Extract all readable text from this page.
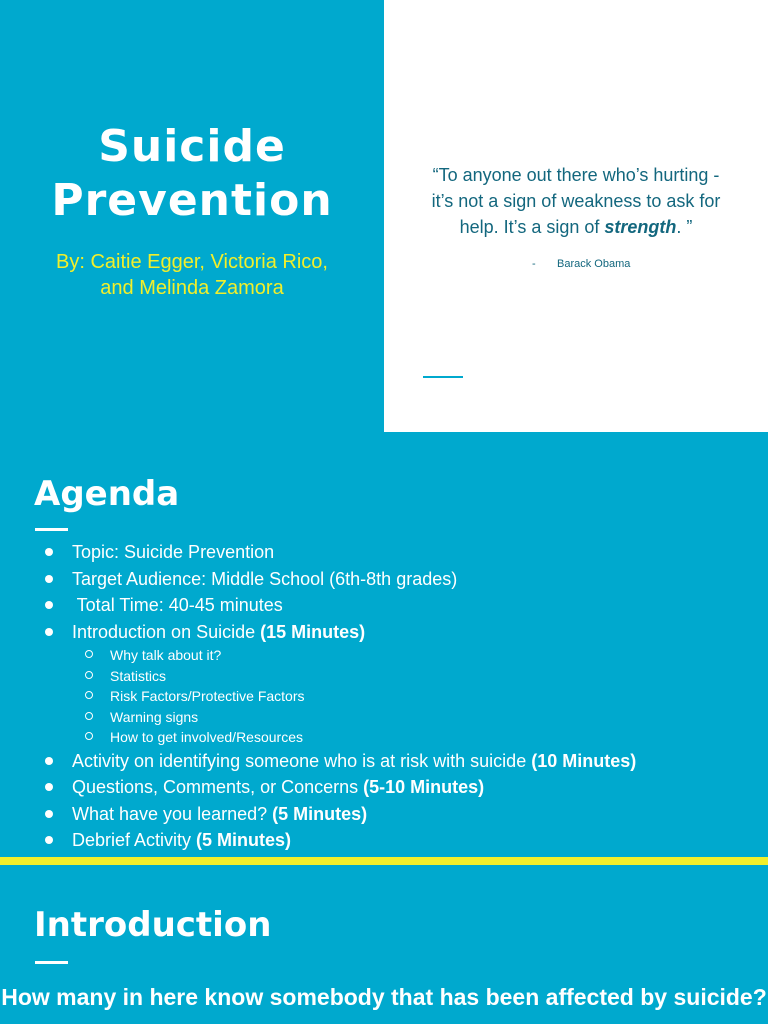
Suicide
Prevention
By: Caitie Egger, Victoria Rico,
and Melinda Zamora
“To anyone out there who’s hurting -
it’s not a sign of weakness to ask for
help. It’s a sign of strength. ”
- Barack Obama
Agenda
Topic: Suicide Prevention
Target Audience: Middle School (6th-8th grades)
Total Time: 40-45 minutes
Introduction on Suicide (15 Minutes)
Why talk about it?
Statistics
Risk Factors/Protective Factors
Warning signs
How to get involved/Resources
Activity on identifying someone who is at risk with suicide (10 Minutes)
Questions, Comments, or Concerns (5-10 Minutes)
What have you learned? (5 Minutes)
Debrief Activity (5 Minutes)
Introduction
How many in here know somebody that has been affected by suicide?
